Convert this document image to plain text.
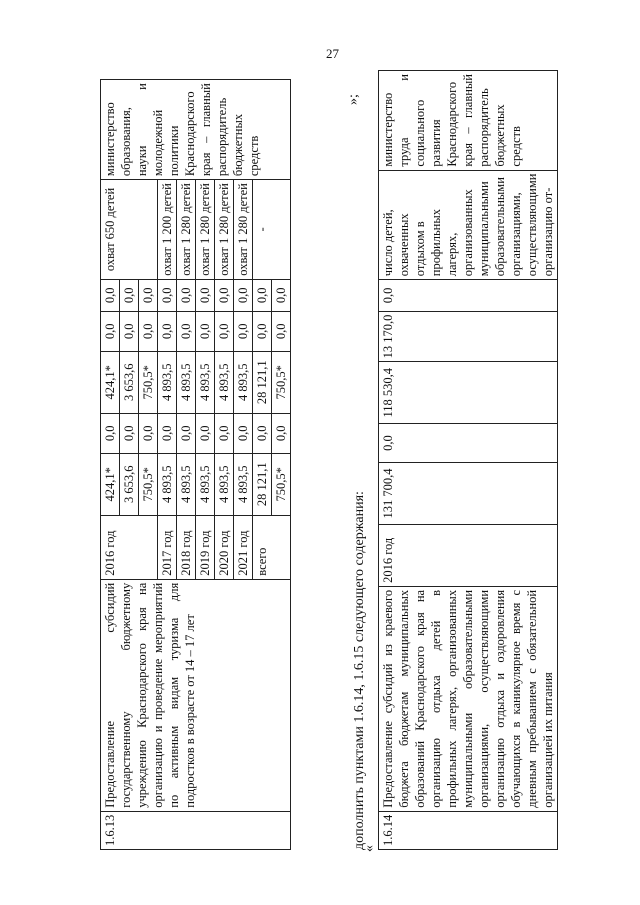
27
1.6.13	Предоставление субсидий государственному бюджетному учреждению Краснодарского края на организацию и проведение мероприятий по активным видам туризма для подростков в возрасте от 14 – 17 лет	2016 год	424,1*	0,0	424,1*	0,0	0,0	охват 650 детей	министерство образования, науки и молодежной политики Краснодарского края – главный распорядитель бюджетных средств
			3 653,6	0,0	3 653,6	0,0	0,0		
			750,5*	0,0	750,5*	0,0	0,0		
		2017 год	4 893,5	0,0	4 893,5	0,0	0,0	охват 1 200 детей	
		2018 год	4 893,5	0,0	4 893,5	0,0	0,0	охват 1 280 детей	
		2019 год	4 893,5	0,0	4 893,5	0,0	0,0	охват 1 280 детей	
		2020 год	4 893,5	0,0	4 893,5	0,0	0,0	охват 1 280 детей	
		2021 год	4 893,5	0,0	4 893,5	0,0	0,0	охват 1 280 детей	
		всего	28 121,1	0,0	28 121,1	0,0	0,0	-	
			750,5*	0,0	750,5*	0,0	0,0		
»;
дополнить пунктами 1.6.14, 1.6.15 следующего содержания:
«
1.6.14	Предоставление субсидий из краевого бюджета бюджетам муниципальных образований Краснодарского края на организацию отдыха детей в профильных лагерях, организованных муниципальными образовательными организациями, осуществляющими организацию отдыха и оздоровления обучающихся в каникулярное время с дневным пребыванием с обязательной организацией их питания	2016 год	131 700,4	0,0	118 530,4	13 170,0	0,0	число детей, охваченных отдыхом в профильных лагерях, организованных муниципальными образовательными организациями, осуществляющими организацию от-	министерство труда и социального развития Краснодарского края – главный распорядитель бюджетных средств
